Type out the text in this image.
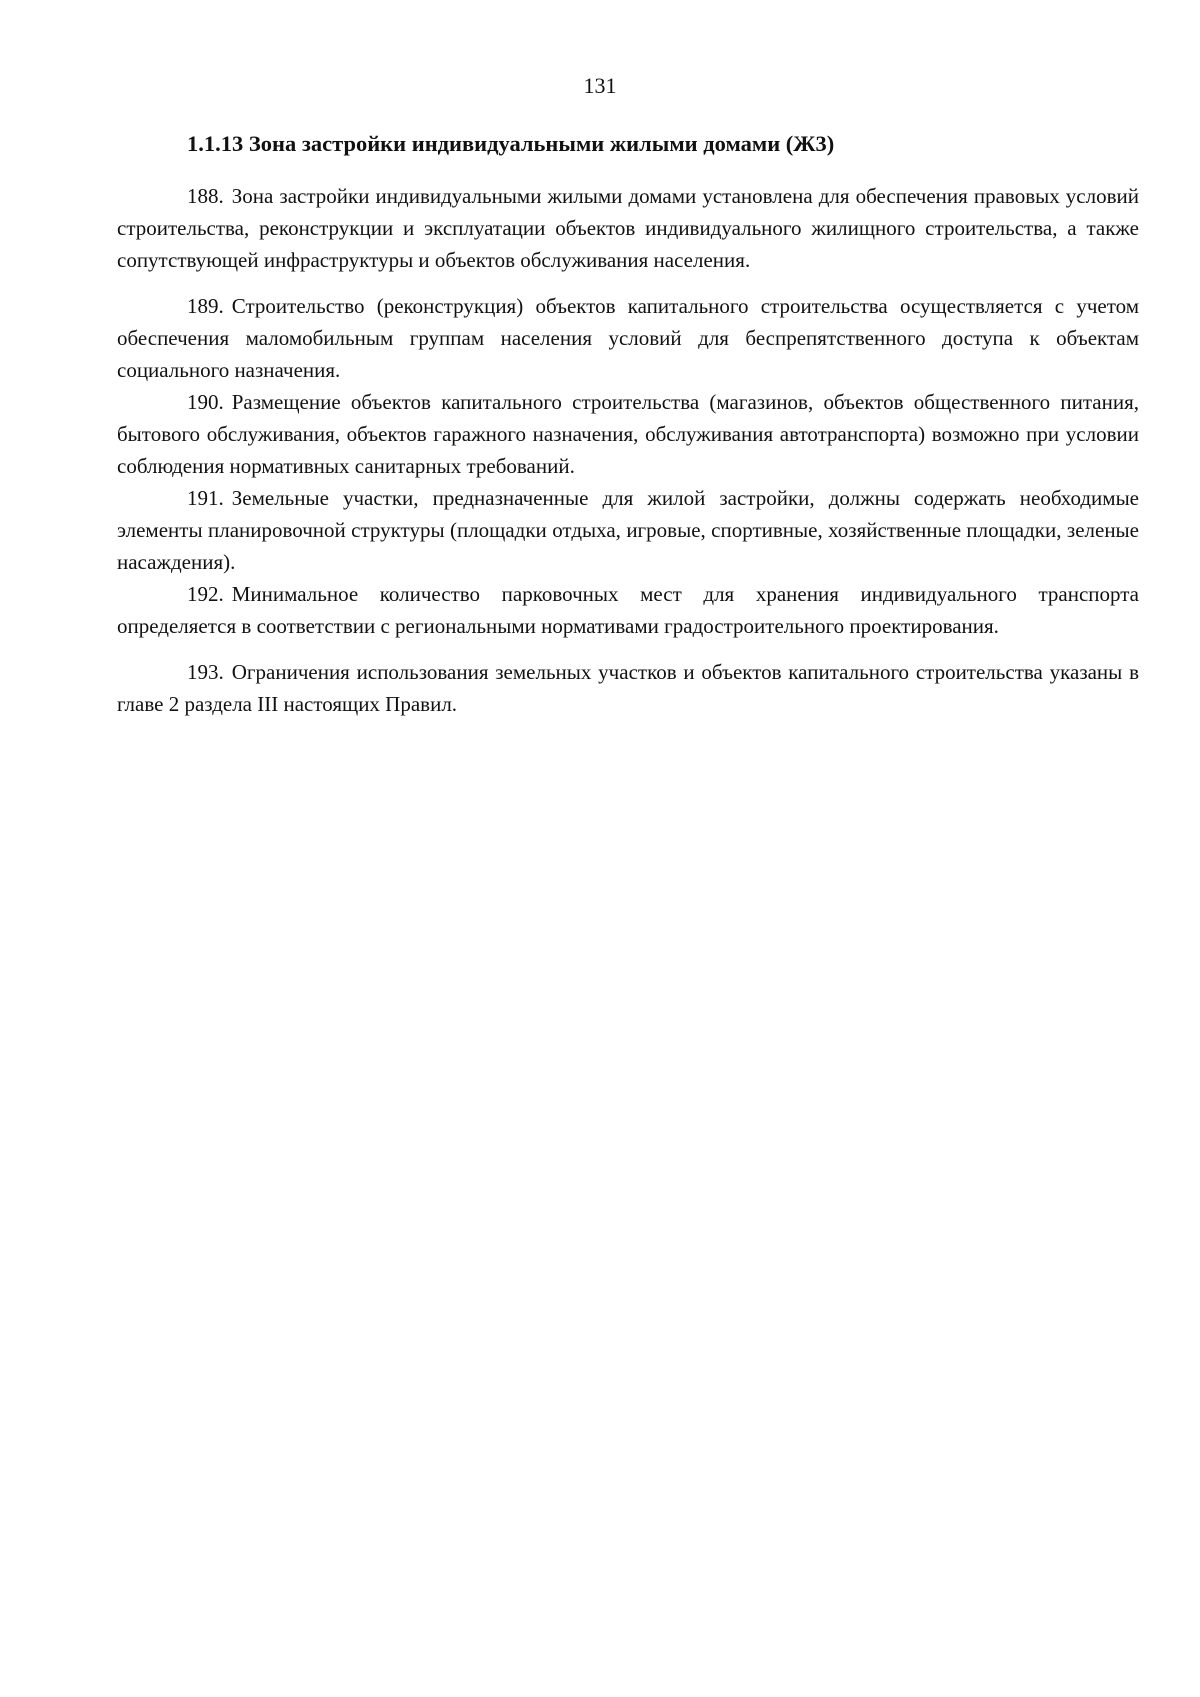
131
1.1.13 Зона застройки индивидуальными жилыми домами (Ж3)

188. Зона застройки индивидуальными жилыми домами установлена для обеспечения правовых условий строительства, реконструкции и эксплуатации объектов индивидуального жилищного строительства, а также сопутствующей инфраструктуры и объектов обслуживания населения.

189. Строительство (реконструкция) объектов капитального строительства осуществляется с учетом обеспечения маломобильным группам населения условий для беспрепятственного доступа к объектам социального назначения.

190. Размещение объектов капитального строительства (магазинов, объектов общественного питания, бытового обслуживания, объектов гаражного назначения, обслуживания автотранспорта) возможно при условии соблюдения нормативных санитарных требований.

191. Земельные участки, предназначенные для жилой застройки, должны содержать необходимые элементы планировочной структуры (площадки отдыха, игровые, спортивные, хозяйственные площадки, зеленые насаждения).

192. Минимальное количество парковочных мест для хранения индивидуального транспорта определяется в соответствии с региональными нормативами градостроительного проектирования.

193. Ограничения использования земельных участков и объектов капитального строительства указаны в главе 2 раздела III настоящих Правил.
